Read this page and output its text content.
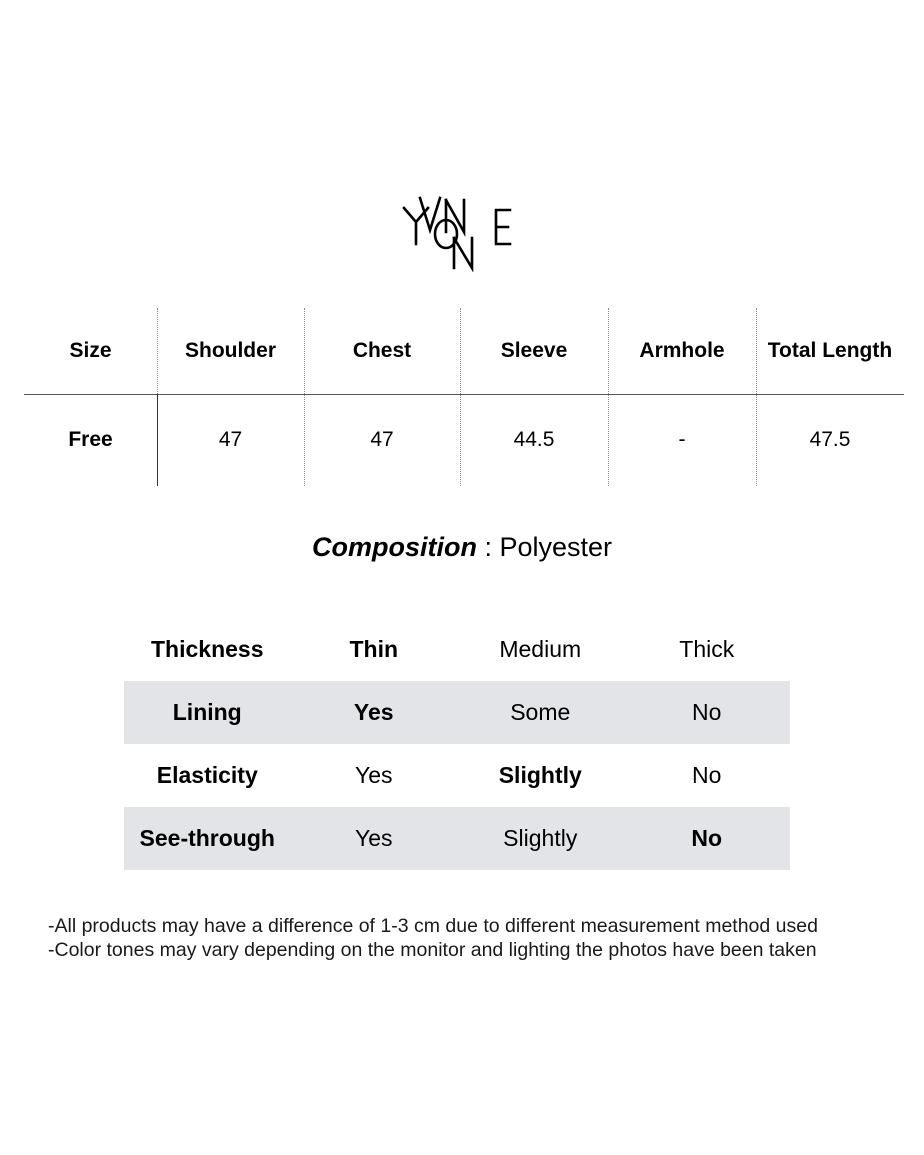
Size	Shoulder	Chest	Sleeve	Armhole	Total Length
Free	47	47	44.5	-	47.5
Composition : Polyester
Thickness	Thin	Medium	Thick
Lining	Yes	Some	No
Elasticity	Yes	Slightly	No
See-through	Yes	Slightly	No
-All products may have a difference of 1-3 cm due to different measurement method used
-Color tones may vary depending on the monitor and lighting the photos have been taken
